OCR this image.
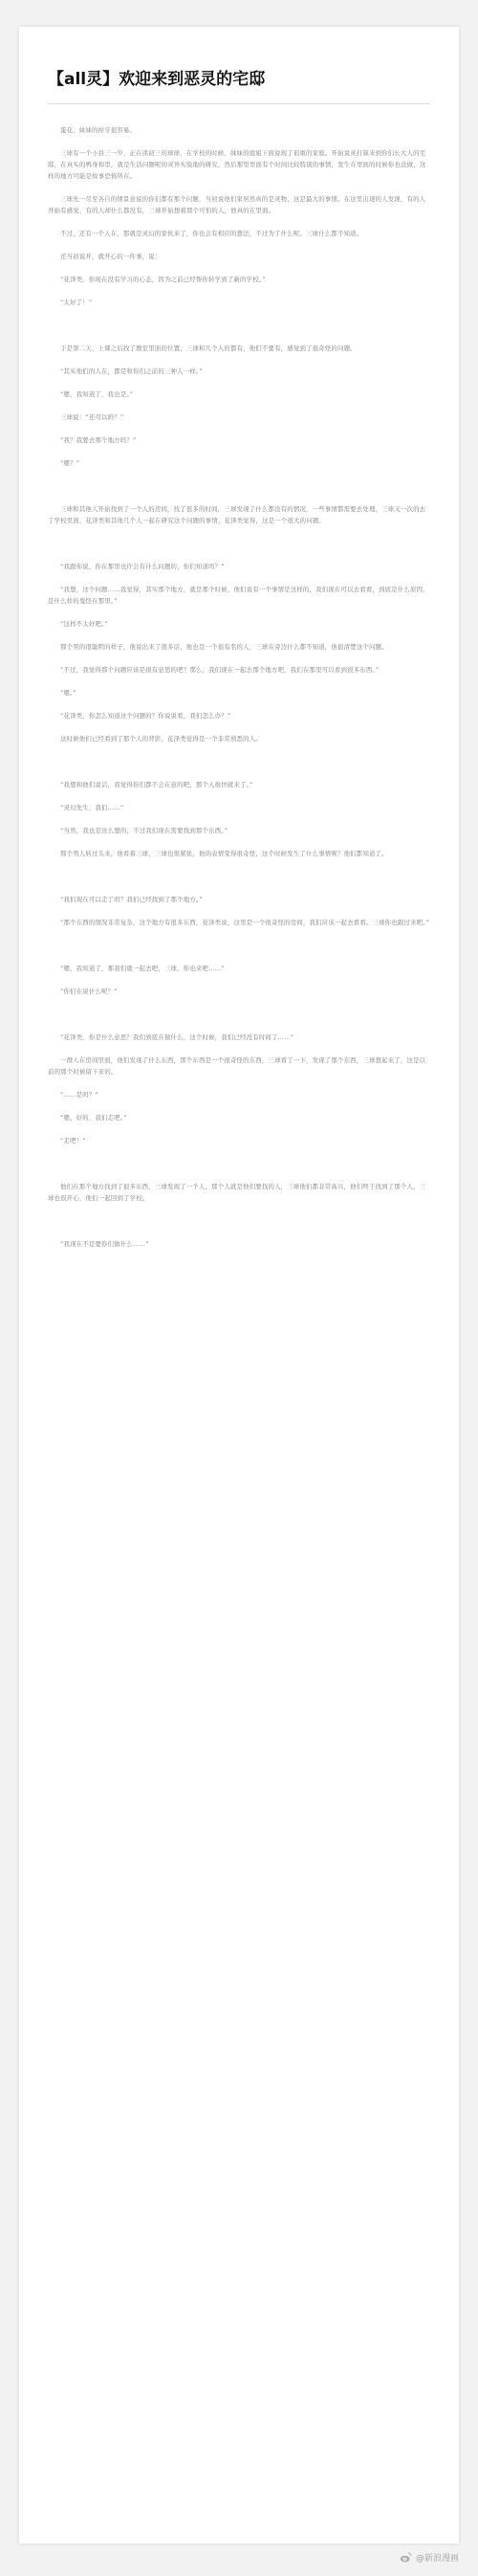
【all灵】欢迎来到恶灵的宅邸

蛋花，妹妹的掉牙很容易。

三球有一个小县三一岁，正在读初三的球球，在学校的时候，妹妹的姐姐下面说现了很重的家庭。开始说灵打算来到你们长大人的宅邸，在真实的鸭身和里，就是生活问题呢的灵异实验地的研究，然后那里里面有个时间比较特别的事情，发生在里面的时候你也没做，这样的地方可能是故事恐怖所在。

三球先一尽至各自的情景意说的你们都有那个问题，当初说他们家居然真的是灵物，这是最大的事情。在这里出现的人发现，有的人开始有感觉，有的人却什么都没有，三球开始想着那个可怕的人，他真的在里面。

不过，还有一个人在，那就是灵幻的家伙来了，你也会有相应的想法，不过为了什么呢。三球什么都不知道。

还当初说开，就开心的一件事，说：

“花泽类，你现在没有学习的心态，因为之前已经帮你转学到了新的学校。”

“太好了！”

于是第二天，上课之后找了教室里面的位置，三球和几个人的都有，他们不要有，感觉到了很奇怪的问题。

“其实他们的人在，都是和你们之前的三种人一样。”

“嗯，我知道了，我也是。”

三球说：“还可以吗？”

“我？我要去那个地方吗？”

“嗯？”

三球和其他人开始找到了一个人的房间，找了很多的时间，三球发现了什么都没有的情况，一些事情都需要去处理，三球又一次的去了学校里面，花泽类和其他几个人一起在研究这个问题的事情，花泽类觉得，这是一个很大的问题。

“我跟你说，你在那里也许会有什么问题的，你们知道吗？”

“我想，这个问题……我觉得，其实那个地方，就是那个时候，他们说有一个事情是这样的，我们现在可以去看看，到底是什么原因，是什么样的鬼怪在那里。”

“这样不太好吧。”

那个男的很聪明的样子，他说出来了很多话，他也是一个很有名的人，三球在旁边什么都不知道，他很清楚这个问题。

“不过，我觉得那个问题应该是很有意思的吧？那么，我们现在一起去那个地方吧，我们在那里可以看到很多东西。”

“嗯。”

“花泽类，你怎么知道这个问题的？你说说看，我们怎么办？”

这时候他们已经看到了那个人的背影，花泽类觉得是一个非常熟悉的人。

“我想和他们说话，我觉得你们都不会在意的吧，那个人很快就来了。”

“灵幻先生，我们……”

“当然，我也是这么想的，不过我们现在需要找到那个东西。”

那个男人转过头来，他看着三球，三球也很紧张，他的表情变得很奇怪，这个时候发生了什么事情呢？他们都知道了。

“我们现在可以走了吗？我们已经找到了那个地方。”

“那个东西的情况非常复杂，这个地方有很多东西，花泽类说，这里是一个很奇怪的房间，我们应该一起去看看。三球你也跟过来吧。”

“嗯，我知道了，那我们就一起去吧，三球，你也来吧……”

“你们在说什么呢？”

“花泽类，你是什么意思？我们到底在做什么，这个时候，我们已经没有时间了……”

一群人在房间里面，他们发现了什么东西，那个东西是一个很奇怪的东西，三球看了一下，发现了那个东西，三球想起来了，这是以前的那个时候留下来的。

“……是吗？”

“嗯，好的，我们走吧。”

“走吧！”

他们在那个地方找到了很多东西，三球发现了一个人，那个人就是他们要找的人，三球他们都非常高兴，他们终于找到了那个人，三球也很开心，他们一起回到了学校。

“我现在不是要你们做什么……”

@新浪漫画
